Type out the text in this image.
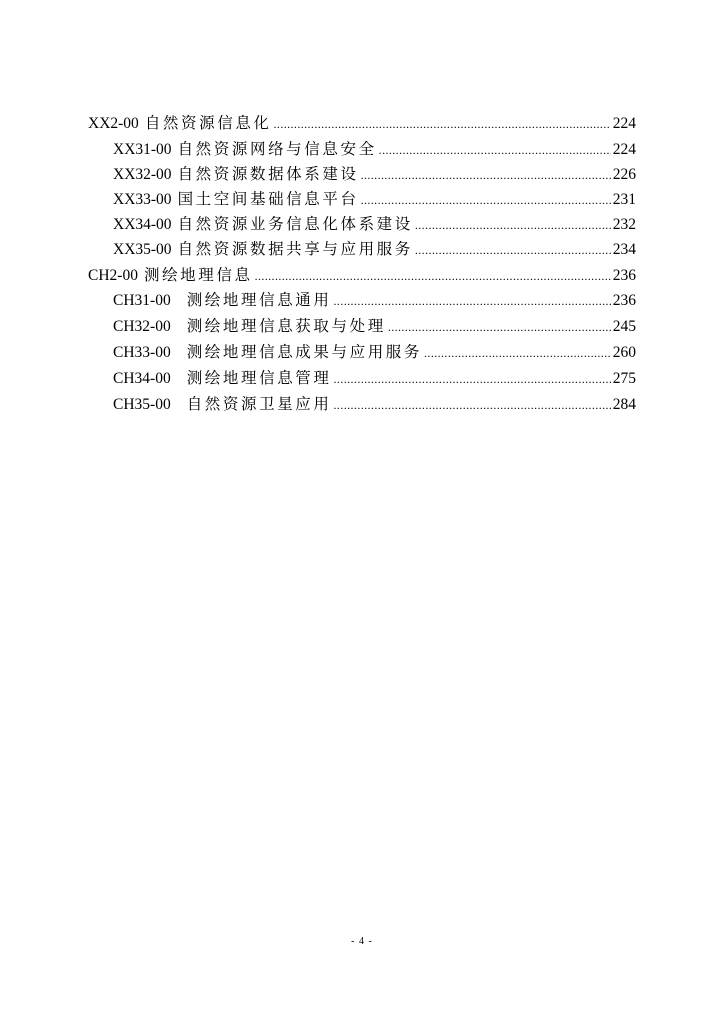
XX2-00 自然资源信息化 .....	224
XX31-00 自然资源网络与信息安全 .....	224
XX32-00 自然资源数据体系建设 .....	226
XX33-00 国土空间基础信息平台 .....	231
XX34-00 自然资源业务信息化体系建设 .....	232
XX35-00 自然资源数据共享与应用服务 .....	234
CH2-00 测绘地理信息 .....	236
CH31-00 测绘地理信息通用 .....	236
CH32-00 测绘地理信息获取与处理 .....	245
CH33-00 测绘地理信息成果与应用服务 .....	260
CH34-00 测绘地理信息管理 .....	275
CH35-00 自然资源卫星应用 .....	284
- 4 -
